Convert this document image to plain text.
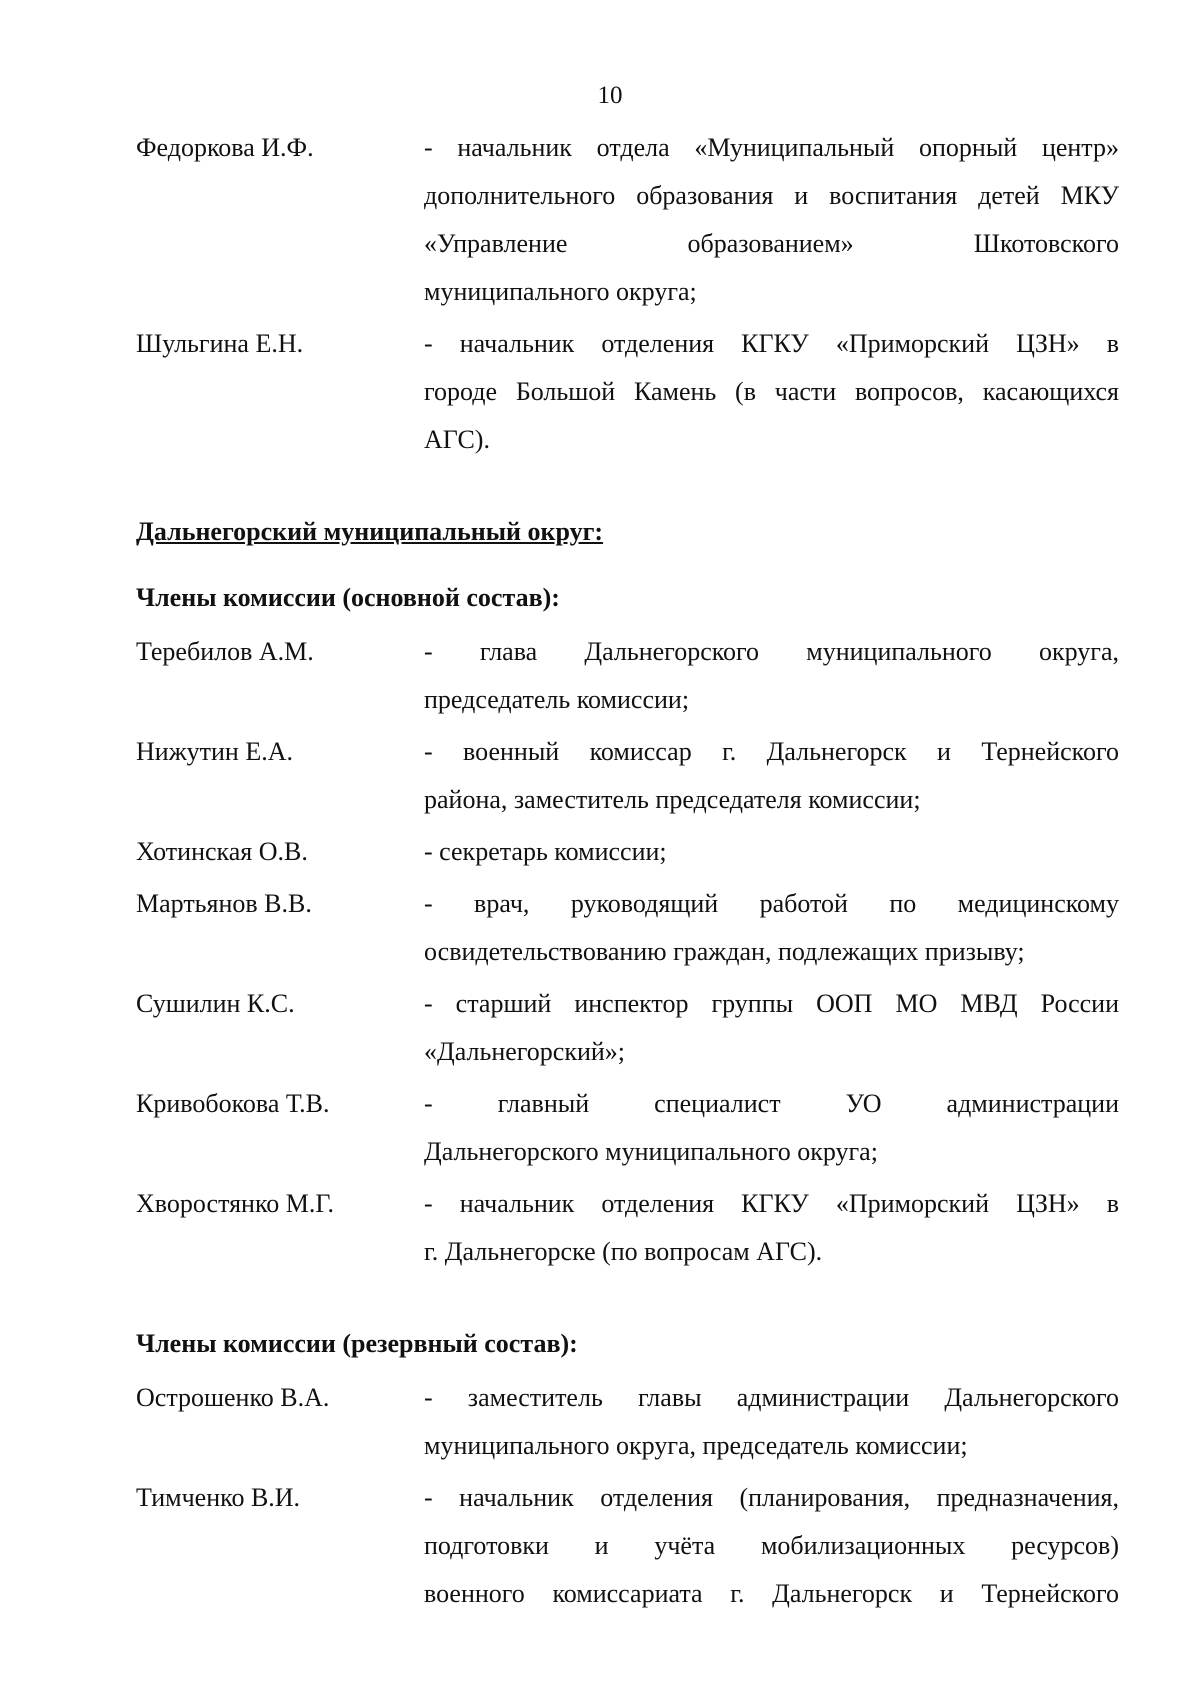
10
Федоркова И.Ф.	- начальник отдела «Муниципальный опорный центр»
дополнительного образования и воспитания детей МКУ
«Управление образованием» Шкотовского
муниципального округа;
Шульгина Е.Н.	- начальник отделения КГКУ «Приморский ЦЗН» в
городе Большой Камень (в части вопросов, касающихся
АГС).
Дальнегорский муниципальный округ:
Члены комиссии (основной состав):
Теребилов А.М.	- глава Дальнегорского муниципального округа,
председатель комиссии;
Нижутин Е.А.	- военный комиссар г. Дальнегорск и Тернейского
района, заместитель председателя комиссии;
Хотинская О.В.	- секретарь комиссии;
Мартьянов В.В.	- врач, руководящий работой по медицинскому
освидетельствованию граждан, подлежащих призыву;
Сушилин К.С.	- старший инспектор группы ООП МО МВД России
«Дальнегорский»;
Кривобокова Т.В.	- главный специалист УО администрации
Дальнегорского муниципального округа;
Хворостянко М.Г.	- начальник отделения КГКУ «Приморский ЦЗН» в
г. Дальнегорске (по вопросам АГС).
Члены комиссии (резервный состав):
Острошенко В.А.	- заместитель главы администрации Дальнегорского
муниципального округа, председатель комиссии;
Тимченко В.И.	- начальник отделения (планирования, предназначения,
подготовки и учёта мобилизационных ресурсов)
военного комиссариата г. Дальнегорск и Тернейского
